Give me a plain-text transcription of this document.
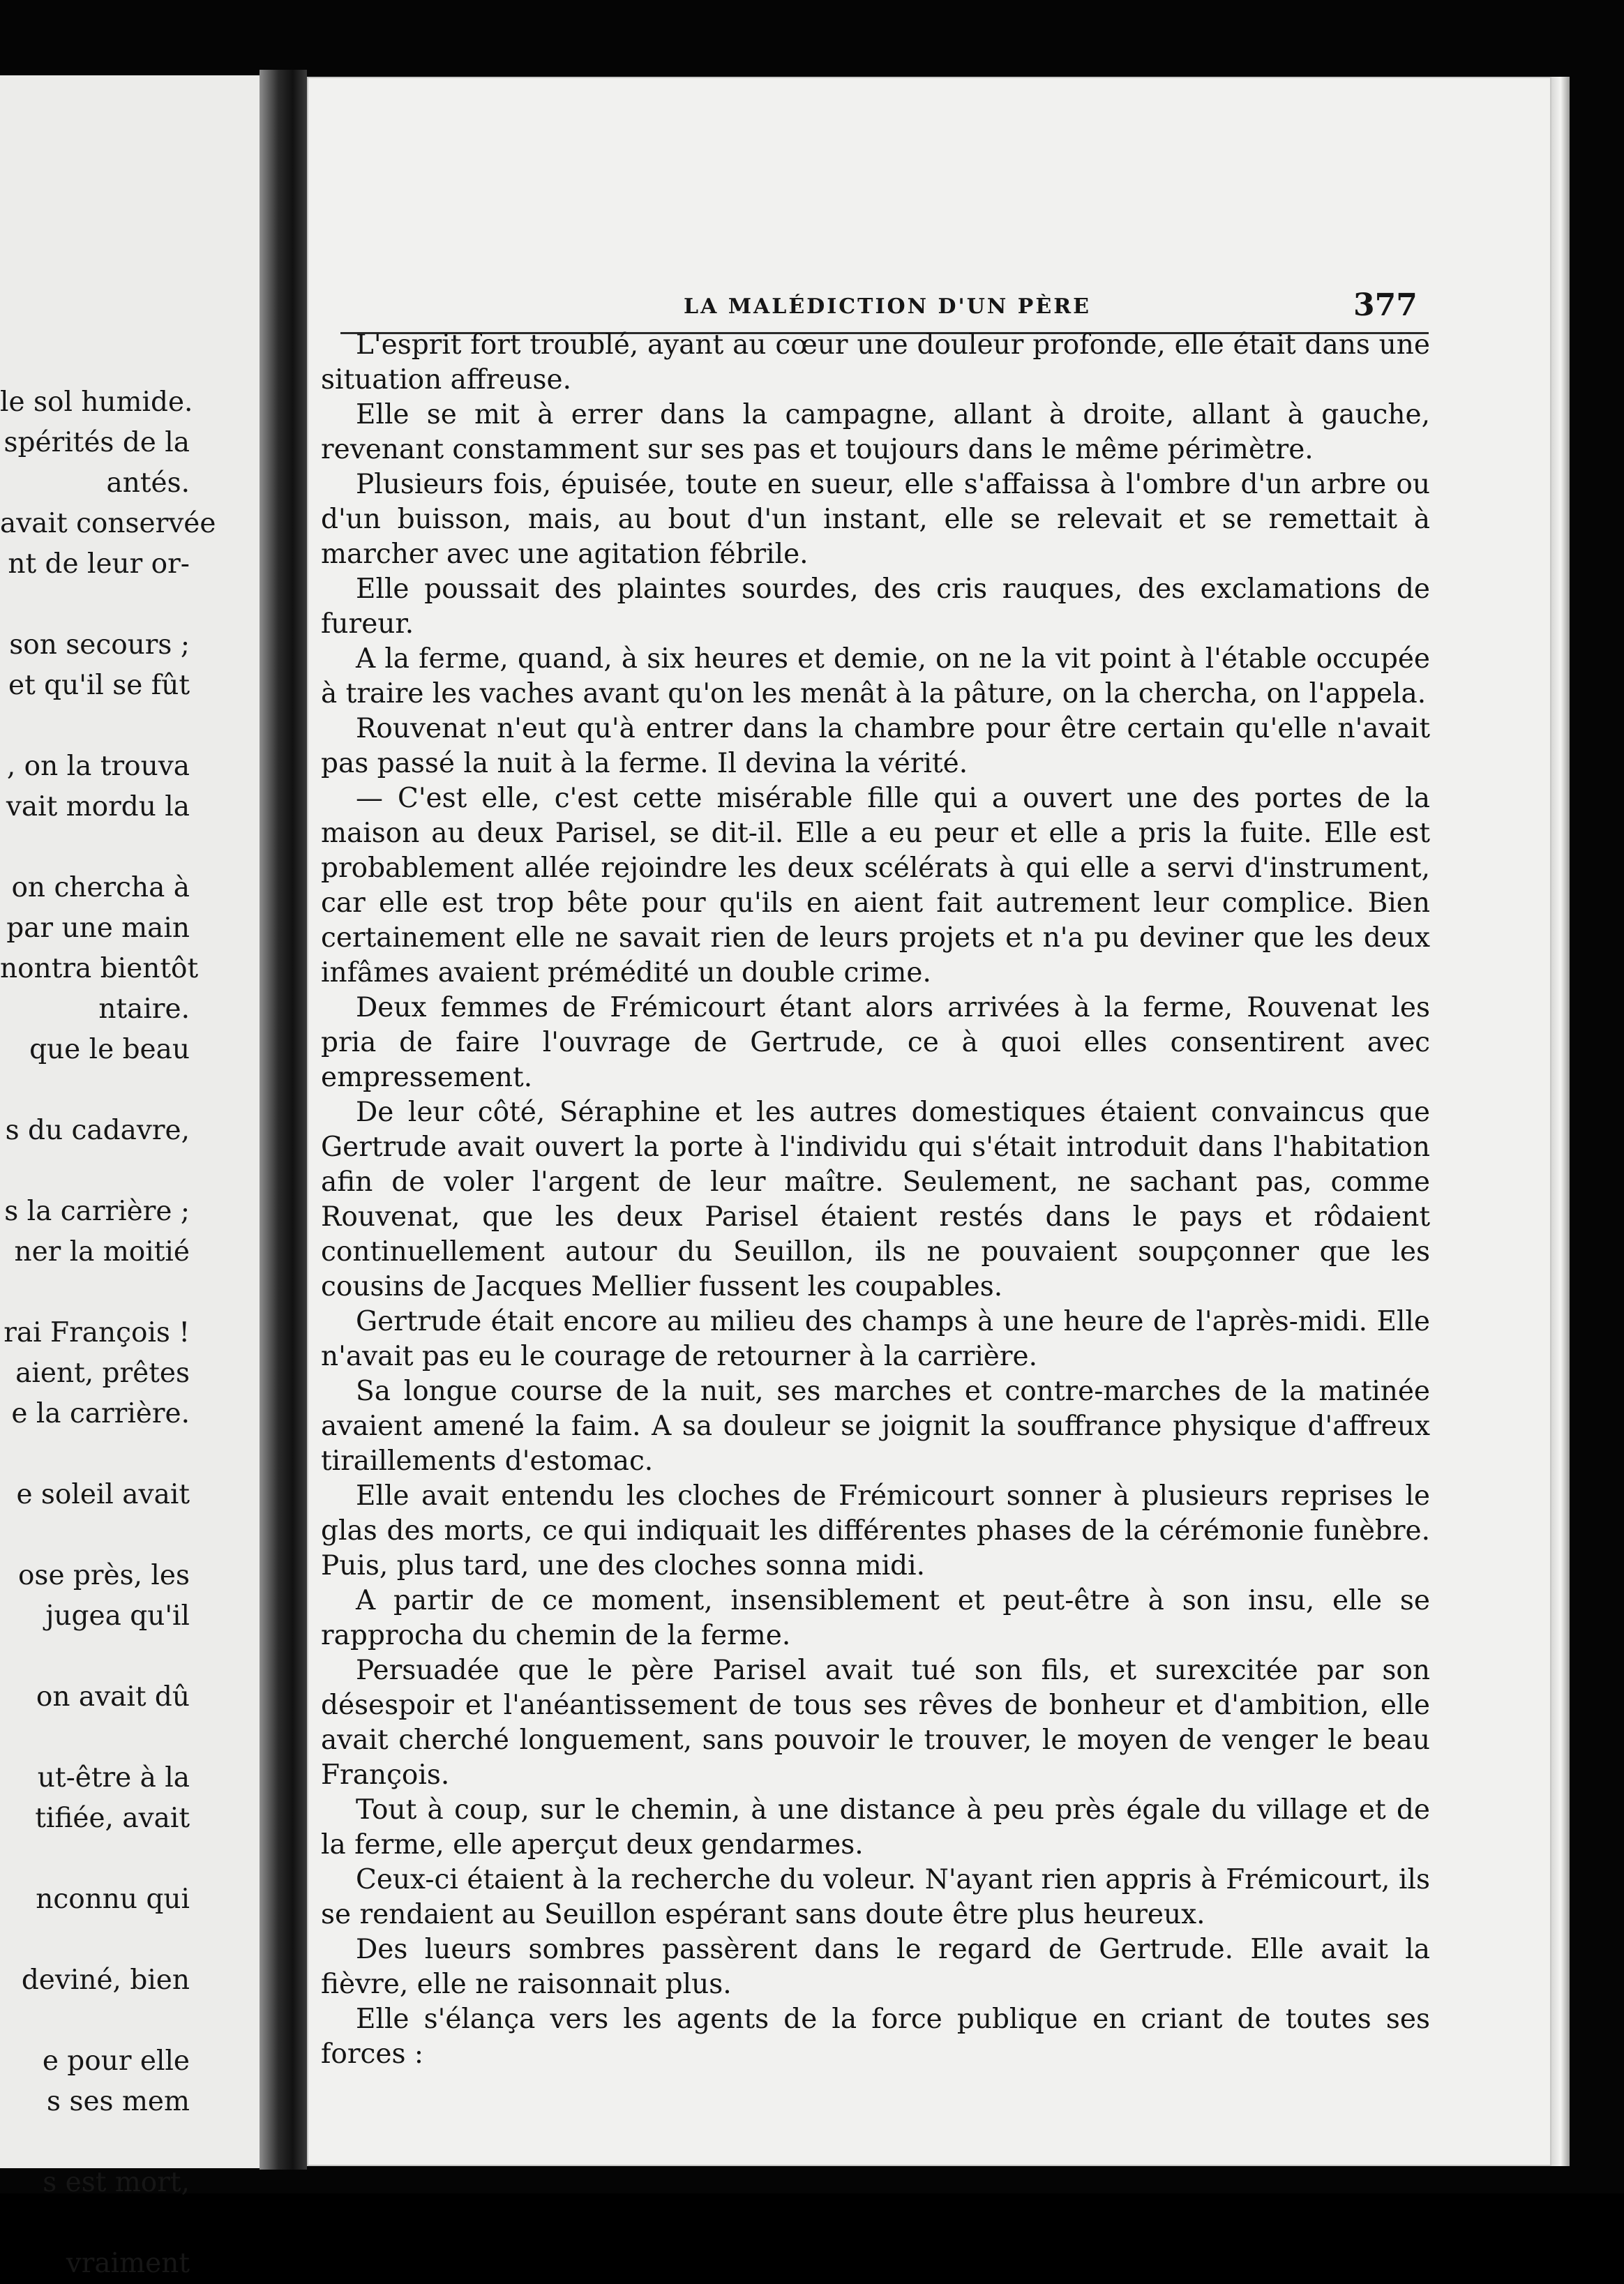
le sol humide.
spérités de la
antés.
avait conservée
nt de leur or-
son secours ;
et qu'il se fût
, on la trouva
vait mordu la
on chercha à
par une main
nontra bientôt
ntaire.
que le beau
s du cadavre,
s la carrière ;
ner la moitié
rai François !
aient, prêtes
e la carrière.
e soleil avait
ose près, les
jugea qu'il
on avait dû
ut-être à la
tifiée, avait
nconnu qui
deviné, bien
e pour elle
s ses mem
s est mort,
vraiment
LA MALÉDICTION D'UN PÈRE	377

L'esprit fort troublé, ayant au cœur une douleur profonde, elle était dans une situation affreuse.

Elle se mit à errer dans la campagne, allant à droite, allant à gauche, revenant constamment sur ses pas et toujours dans le même périmètre.

Plusieurs fois, épuisée, toute en sueur, elle s'affaissa à l'ombre d'un arbre ou d'un buisson, mais, au bout d'un instant, elle se relevait et se remettait à marcher avec une agitation fébrile.

Elle poussait des plaintes sourdes, des cris rauques, des exclamations de fureur.

A la ferme, quand, à six heures et demie, on ne la vit point à l'étable occupée à traire les vaches avant qu'on les menât à la pâture, on la chercha, on l'appela.

Rouvenat n'eut qu'à entrer dans la chambre pour être certain qu'elle n'avait pas passé la nuit à la ferme. Il devina la vérité.

— C'est elle, c'est cette misérable fille qui a ouvert une des portes de la maison au deux Parisel, se dit-il. Elle a eu peur et elle a pris la fuite. Elle est probablement allée rejoindre les deux scélérats à qui elle a servi d'instrument, car elle est trop bête pour qu'ils en aient fait autrement leur complice. Bien certainement elle ne savait rien de leurs projets et n'a pu deviner que les deux infâmes avaient prémédité un double crime.

Deux femmes de Frémicourt étant alors arrivées à la ferme, Rouvenat les pria de faire l'ouvrage de Gertrude, ce à quoi elles consentirent avec empressement.

De leur côté, Séraphine et les autres domestiques étaient convaincus que Gertrude avait ouvert la porte à l'individu qui s'était introduit dans l'habitation afin de voler l'argent de leur maître. Seulement, ne sachant pas, comme Rouvenat, que les deux Parisel étaient restés dans le pays et rôdaient continuellement autour du Seuillon, ils ne pouvaient soupçonner que les cousins de Jacques Mellier fussent les coupables.

Gertrude était encore au milieu des champs à une heure de l'après-midi. Elle n'avait pas eu le courage de retourner à la carrière.

Sa longue course de la nuit, ses marches et contre-marches de la matinée avaient amené la faim. A sa douleur se joignit la souffrance physique d'affreux tiraillements d'estomac.

Elle avait entendu les cloches de Frémicourt sonner à plusieurs reprises le glas des morts, ce qui indiquait les différentes phases de la cérémonie funèbre. Puis, plus tard, une des cloches sonna midi.

A partir de ce moment, insensiblement et peut-être à son insu, elle se rapprocha du chemin de la ferme.

Persuadée que le père Parisel avait tué son fils, et surexcitée par son désespoir et l'anéantissement de tous ses rêves de bonheur et d'ambition, elle avait cherché longuement, sans pouvoir le trouver, le moyen de venger le beau François.

Tout à coup, sur le chemin, à une distance à peu près égale du village et de la ferme, elle aperçut deux gendarmes.

Ceux-ci étaient à la recherche du voleur. N'ayant rien appris à Frémicourt, ils se rendaient au Seuillon espérant sans doute être plus heureux.

Des lueurs sombres passèrent dans le regard de Gertrude. Elle avait la fièvre, elle ne raisonnait plus.

Elle s'élança vers les agents de la force publique en criant de toutes ses forces :
